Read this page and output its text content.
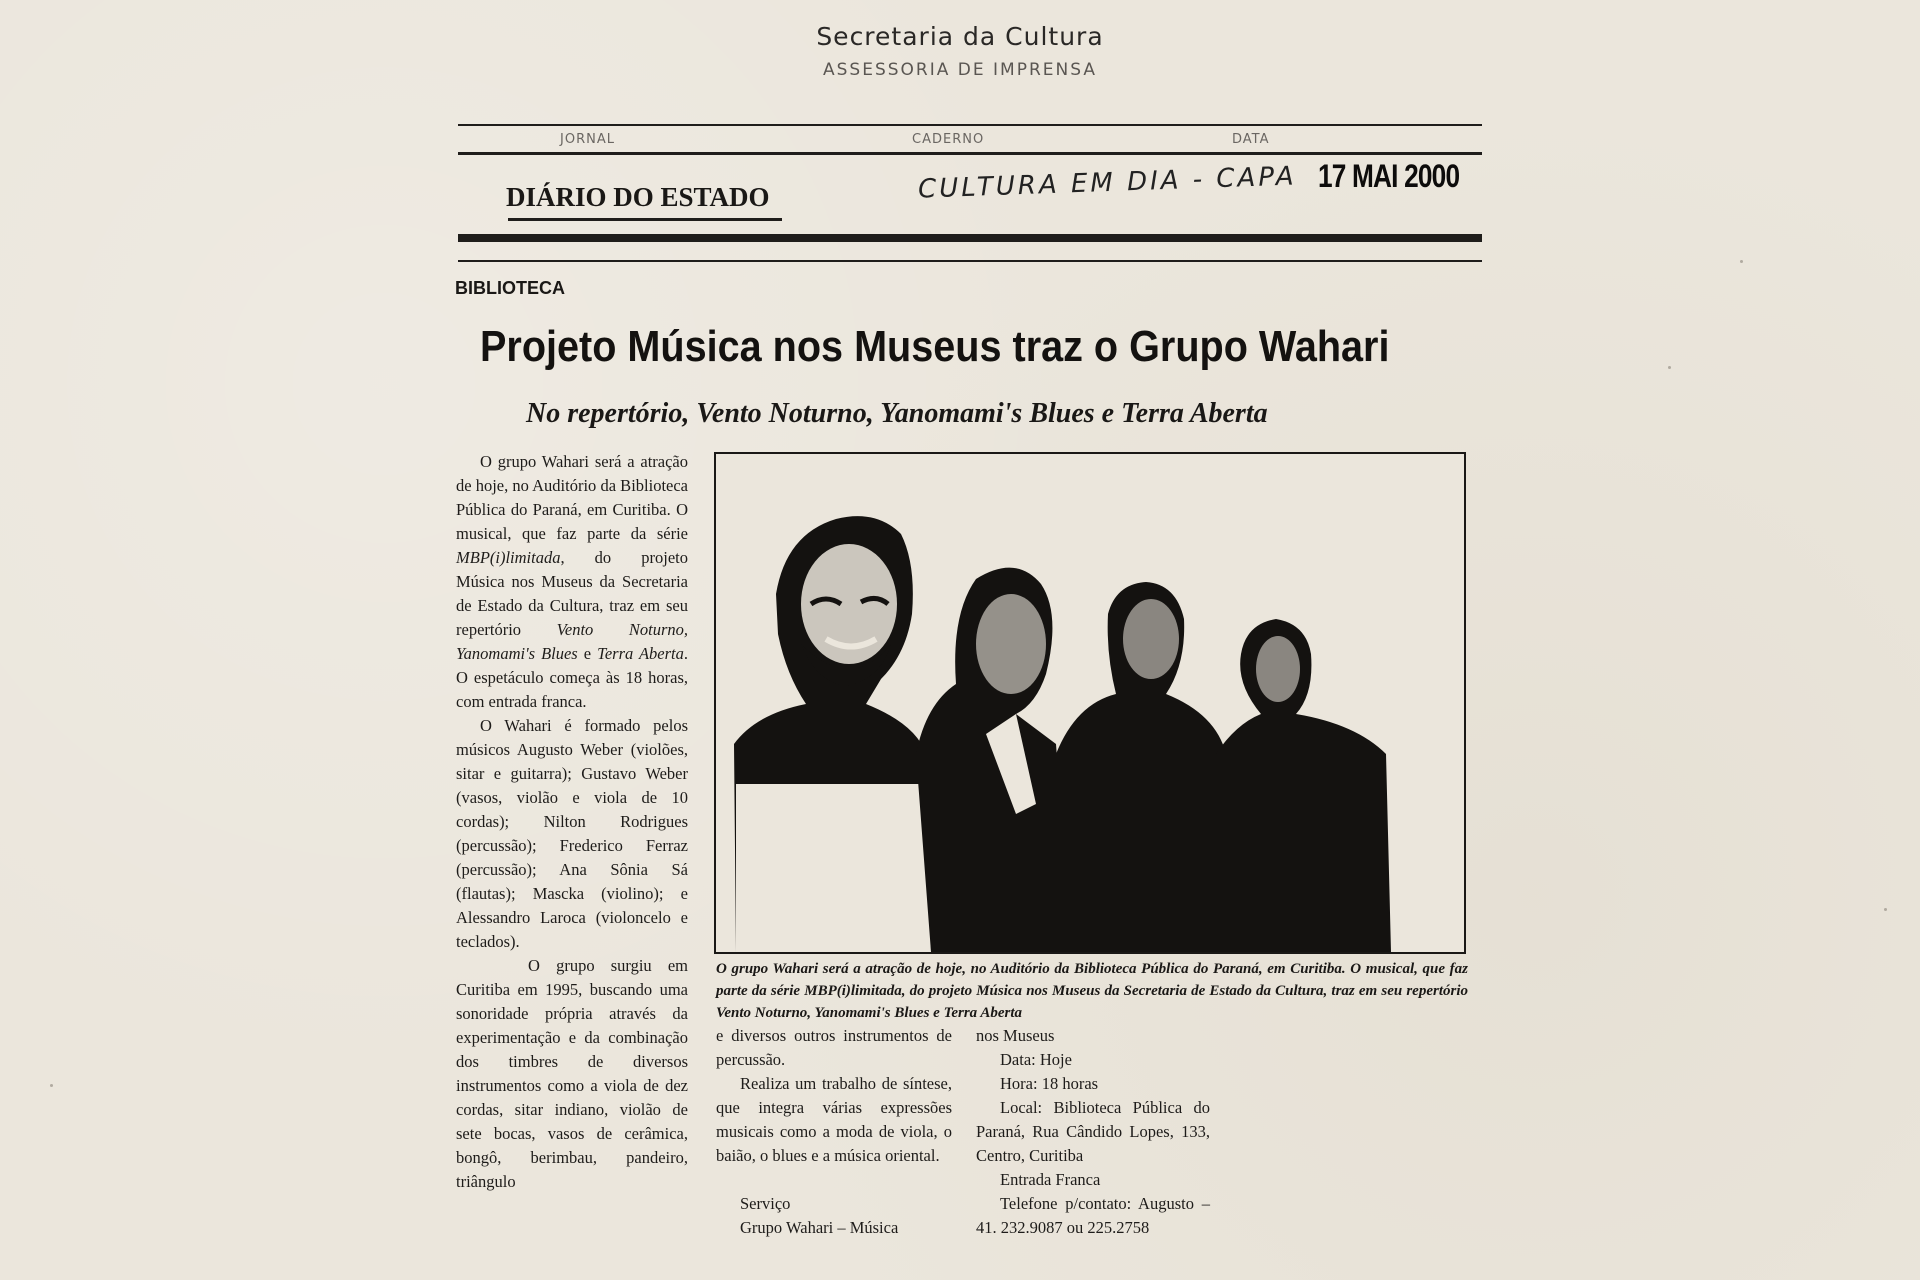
Secretaria da Cultura
ASSESSORIA DE IMPRENSA
JORNAL	CADERNO	DATA
DIÁRIO DO ESTADO	CULTURA EM DIA - CAPA 17 MAI 2000
BIBLIOTECA
Projeto Música nos Museus traz o Grupo Wahari
No repertório, Vento Noturno, Yanomami's Blues e Terra Aberta

O grupo Wahari será a atração de hoje, no Auditório da Biblioteca Pública do Paraná, em Curitiba. O musical, que faz parte da série MBP(i)limitada, do projeto Música nos Museus da Secretaria de Estado da Cultura, traz em seu repertório Vento Noturno, Yanomami's Blues e Terra Aberta. O espetáculo começa às 18 horas, com entrada franca.

O Wahari é formado pelos músicos Augusto Weber (violões, sitar e guitarra); Gustavo Weber (vasos, violão e viola de 10 cordas); Nilton Rodrigues (percussão); Frederico Ferraz (percussão); Ana Sônia Sá (flautas); Mascka (violino); e Alessandro Laroca (violoncelo e teclados).

O grupo surgiu em Curitiba em 1995, buscando uma sonoridade própria através da experimentação e da combinação dos timbres de diversos instrumentos como a viola de dez cordas, sitar indiano, violão de sete bocas, vasos de cerâmica, bongô, berimbau, pandeiro, triângulo

O grupo Wahari será a atração de hoje, no Auditório da Biblioteca Pública do Paraná, em Curitiba. O musical, que faz parte da série MBP(i)limitada, do projeto Música nos Museus da Secretaria de Estado da Cultura, traz em seu repertório Vento Noturno, Yanomami's Blues e Terra Aberta

e diversos outros instrumentos de percussão.

Realiza um trabalho de síntese, que integra várias expressões musicais como a moda de viola, o baião, o blues e a música oriental.

Serviço

Grupo Wahari – Música

nos Museus

Data: Hoje

Hora: 18 horas

Local: Biblioteca Pública do Paraná, Rua Cândido Lopes, 133, Centro, Curitiba

Entrada Franca

Telefone p/contato: Augusto – 41. 232.9087 ou 225.2758
